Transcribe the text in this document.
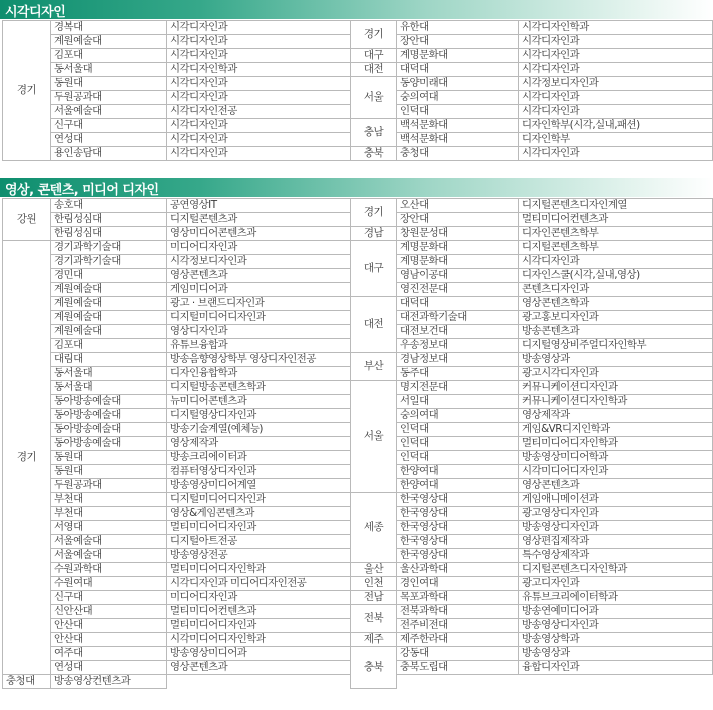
시각디자인
경기	경복대	시각디자인과	경기	유한대	시각디자인학과
	계원예술대	시각디자인과		장안대	시각디자인과
	김포대	시각디자인과	대구	계명문화대	시각디자인과
	동서울대	시각디자인학과	대전	대덕대	시각디자인과
	동원대	시각디자인과	서울	동양미래대	시각정보디자인과
	두원공과대	시각디자인과		숭의여대	시각디자인과
	서울예술대	시각디자인전공		인덕대	시각디자인과
	신구대	시각디자인과	충남	백석문화대	디자인학부(시각,실내,패션)
	연성대	시각디자인과		백석문화대	디자인학부
	용인송담대	시각디자인과	충북	충청대	시각디자인과
영상, 콘텐츠, 미디어 디자인
강원	송호대	공연영상IT	경기	오산대	디지털콘텐츠디자인계열
	한림성심대	디지털콘텐츠과		장안대	멀티미디어컨텐츠과
	한림성심대	영상미디어콘텐츠과	경남	창원문성대	디자인콘텐츠학부
경기	경기과학기술대	미디어디자인과	대구	계명문화대	디지털콘텐츠학부
	경기과학기술대	시각정보디자인과		계명문화대	시각디자인과
	경민대	영상콘텐츠과		영남이공대	디자인스쿨(시각,실내,영상)
	계원예술대	게임미디어과		영진전문대	콘텐츠디자인과
	계원예술대	광고 · 브랜드디자인과	대전	대덕대	영상콘텐츠학과
	계원예술대	디지털미디어디자인과		대전과학기술대	광고홍보디자인과
	계원예술대	영상디자인과		대전보건대	방송콘텐츠과
	김포대	유튜브융합과		우송정보대	디지털영상비주얼디자인학부
	대림대	방송음향영상학부 영상디자인전공	부산	경남정보대	방송영상과
	동서울대	디자인융합학과		동주대	광고시각디자인과
	동서울대	디지털방송콘텐츠학과	서울	명지전문대	커뮤니케이션디자인과
	동아방송예술대	뉴미디어콘텐츠과		서일대	커뮤니케이션디자인학과
	동아방송예술대	디지털영상디자인과		숭의여대	영상제작과
	동아방송예술대	방송기술계열(예체능)		인덕대	게임&VR디지인학과
	동아방송예술대	영상제작과		인덕대	멀티미디어디자인학과
	동원대	방송크리에이터과		인덕대	방송영상미디어학과
	동원대	컴퓨터영상디자인과		한양여대	시각미디어디자인과
	두원공과대	방송영상미디어계열		한양여대	영상콘텐츠과
	부천대	디지털미디어디자인과	세종	한국영상대	게임애니메이션과
	부천대	영상&게임콘텐츠과		한국영상대	광고영상디자인과
	서영대	멀티미디어디자인과		한국영상대	방송영상디자인과
	서울예술대	디지털아트전공		한국영상대	영상편집제작과
	서울예술대	방송영상전공		한국영상대	특수영상제작과
	수원과학대	멀티미디어디자인학과	울산	울산과학대	디지털콘텐츠디자인학과
	수원여대	시각디자인과 미디어디자인전공	인천	경인여대	광고디자인과
	신구대	미디어디자인과	전남	목포과학대	유튜브크리에이터학과
	신안산대	멀티미디어컨텐츠과	전북	전북과학대	방송연예미디어과
	안산대	멀티미디어디자인과		전주비전대	방송영상디자인과
	안산대	시각미디어디자인학과	제주	제주한라대	방송영상학과
	여주대	방송영상미디어과	충북	강동대	방송영상과
	연성대	영상콘텐츠과		충북도립대	융합디자인과
충청대	방송영상컨텐츠과				
